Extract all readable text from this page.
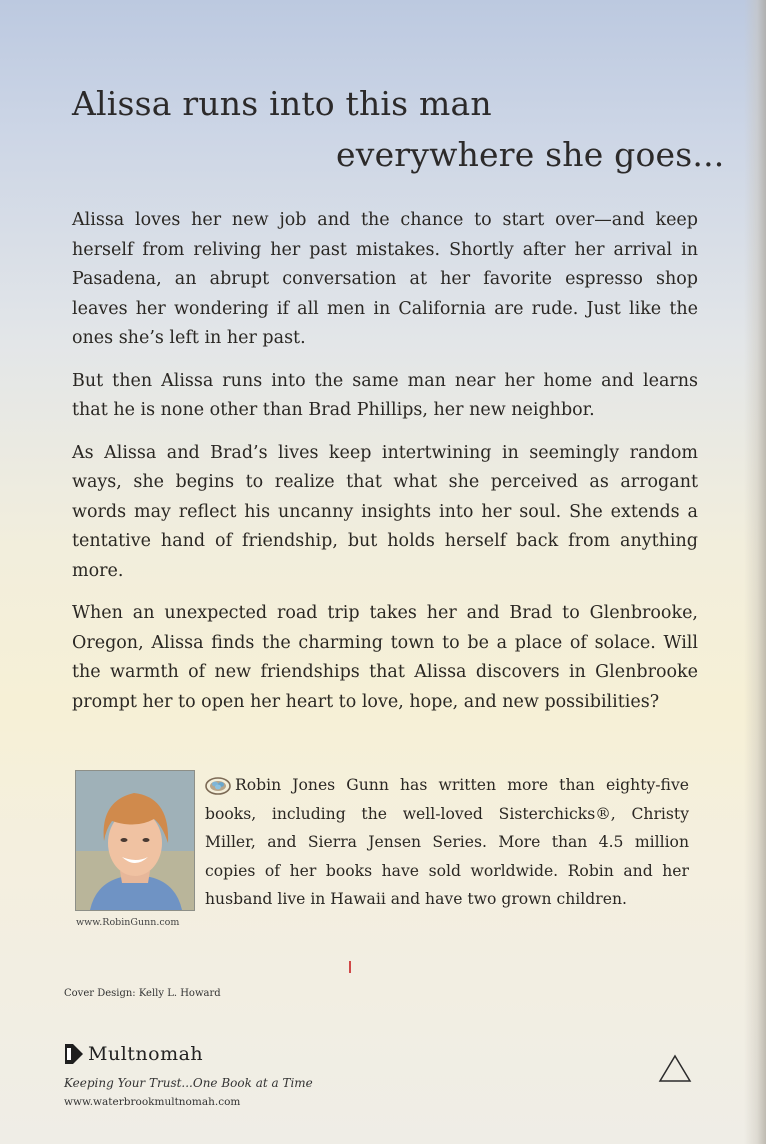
Alissa runs into this man
everywhere she goes...

Alissa loves her new job and the chance to start over—and keep herself from reliving her past mistakes. Shortly after her arrival in Pasadena, an abrupt conversation at her favorite espresso shop leaves her wondering if all men in California are rude. Just like the ones she’s left in her past.

But then Alissa runs into the same man near her home and learns that he is none other than Brad Phillips, her new neighbor.

As Alissa and Brad’s lives keep intertwining in seemingly random ways, she begins to realize that what she perceived as arrogant words may reflect his uncanny insights into her soul. She extends a tentative hand of friendship, but holds herself back from anything more.

When an unexpected road trip takes her and Brad to Glenbrooke, Oregon, Alissa finds the charming town to be a place of solace. Will the warmth of new friendships that Alissa discovers in Glenbrooke prompt her to open her heart to love, hope, and new possibilities?

www.RobinGunn.com

Robin Jones Gunn has written more than eighty-five books, including the well-loved Sisterchicks®, Christy Miller, and Sierra Jensen Series. More than 4.5 million copies of her books have sold worldwide. Robin and her husband live in Hawaii and have two grown children.

Cover Design: Kelly L. Howard
Multnomah
Keeping Your Trust...One Book at a Time
www.waterbrookmultnomah.com
